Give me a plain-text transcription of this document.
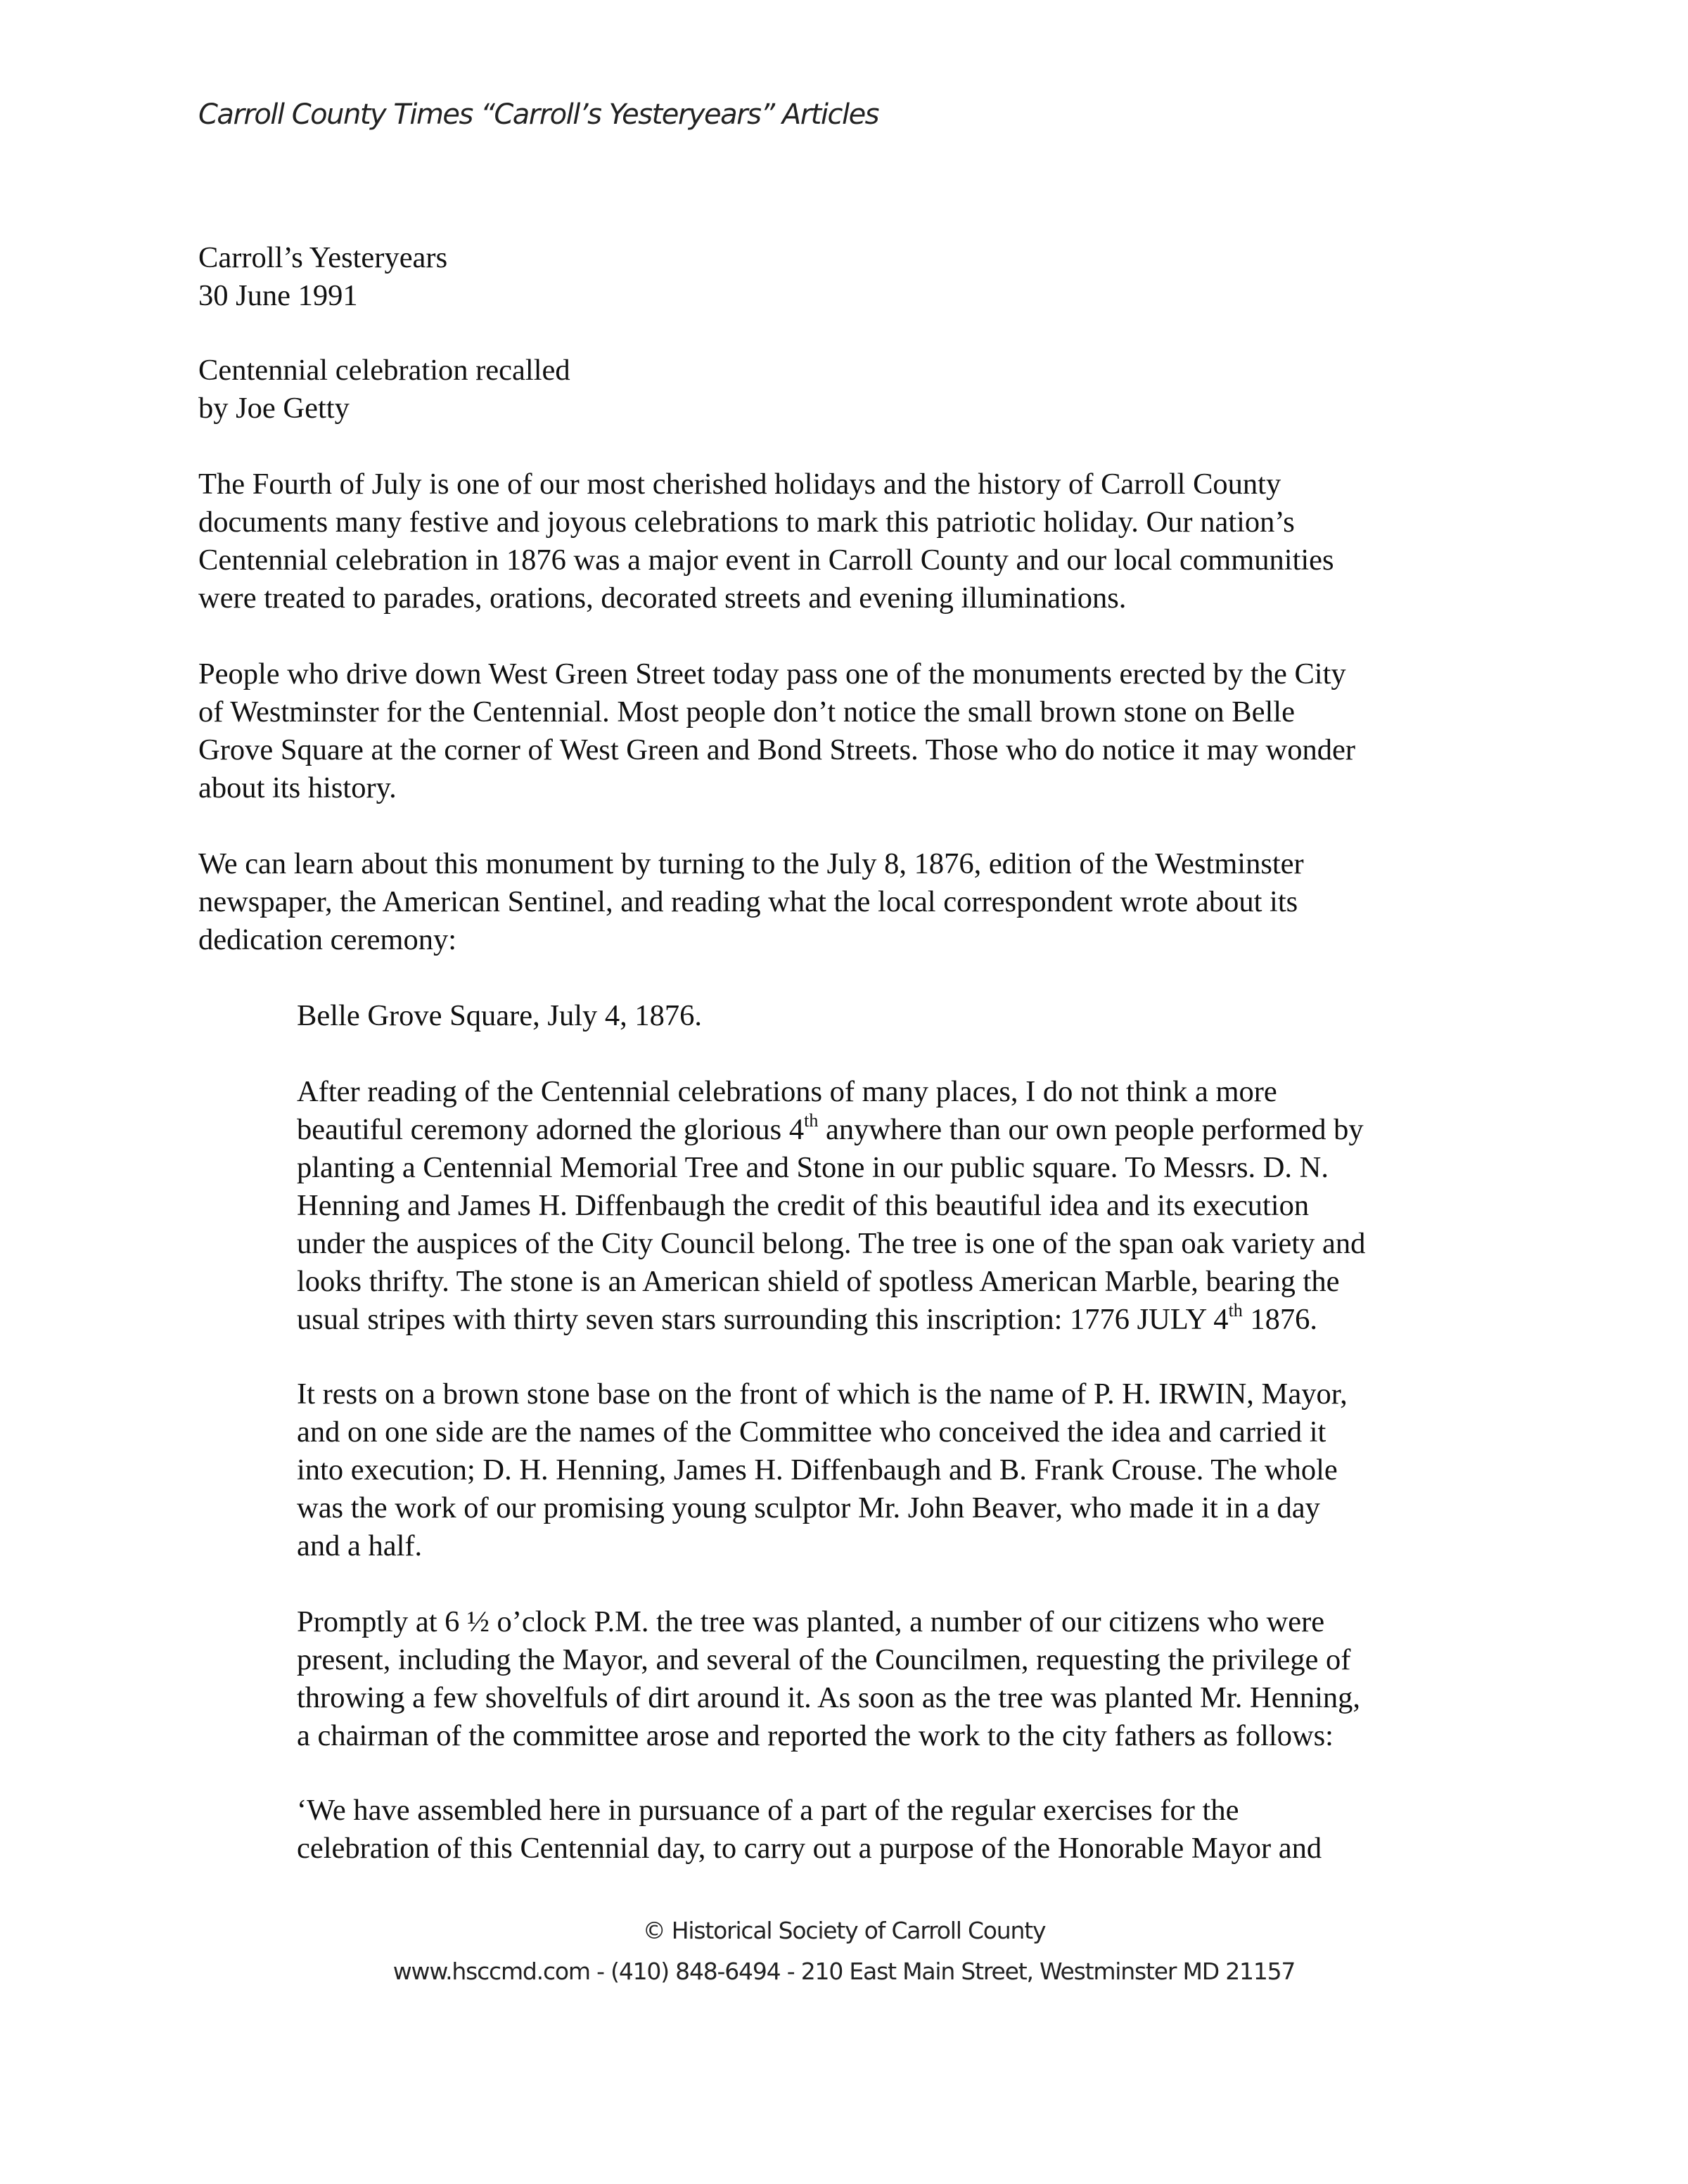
Carroll County Times “Carroll’s Yesteryears” Articles
Carroll’s Yesteryears
30 June 1991
Centennial celebration recalled
by Joe Getty
The Fourth of July is one of our most cherished holidays and the history of Carroll County
documents many festive and joyous celebrations to mark this patriotic holiday. Our nation’s
Centennial celebration in 1876 was a major event in Carroll County and our local communities
were treated to parades, orations, decorated streets and evening illuminations.
People who drive down West Green Street today pass one of the monuments erected by the City
of Westminster for the Centennial. Most people don’t notice the small brown stone on Belle
Grove Square at the corner of West Green and Bond Streets. Those who do notice it may wonder
about its history.
We can learn about this monument by turning to the July 8, 1876, edition of the Westminster
newspaper, the American Sentinel, and reading what the local correspondent wrote about its
dedication ceremony:
Belle Grove Square, July 4, 1876.
After reading of the Centennial celebrations of many places, I do not think a more
beautiful ceremony adorned the glorious 4th anywhere than our own people performed by
planting a Centennial Memorial Tree and Stone in our public square. To Messrs. D. N.
Henning and James H. Diffenbaugh the credit of this beautiful idea and its execution
under the auspices of the City Council belong. The tree is one of the span oak variety and
looks thrifty. The stone is an American shield of spotless American Marble, bearing the
usual stripes with thirty seven stars surrounding this inscription: 1776 JULY 4th 1876.
It rests on a brown stone base on the front of which is the name of P. H. IRWIN, Mayor,
and on one side are the names of the Committee who conceived the idea and carried it
into execution; D. H. Henning, James H. Diffenbaugh and B. Frank Crouse. The whole
was the work of our promising young sculptor Mr. John Beaver, who made it in a day
and a half.
Promptly at 6 ½ o’clock P.M. the tree was planted, a number of our citizens who were
present, including the Mayor, and several of the Councilmen, requesting the privilege of
throwing a few shovelfuls of dirt around it. As soon as the tree was planted Mr. Henning,
a chairman of the committee arose and reported the work to the city fathers as follows:
‘We have assembled here in pursuance of a part of the regular exercises for the
celebration of this Centennial day, to carry out a purpose of the Honorable Mayor and
© Historical Society of Carroll County
www.hsccmd.com - (410) 848-6494 - 210 East Main Street, Westminster MD 21157
